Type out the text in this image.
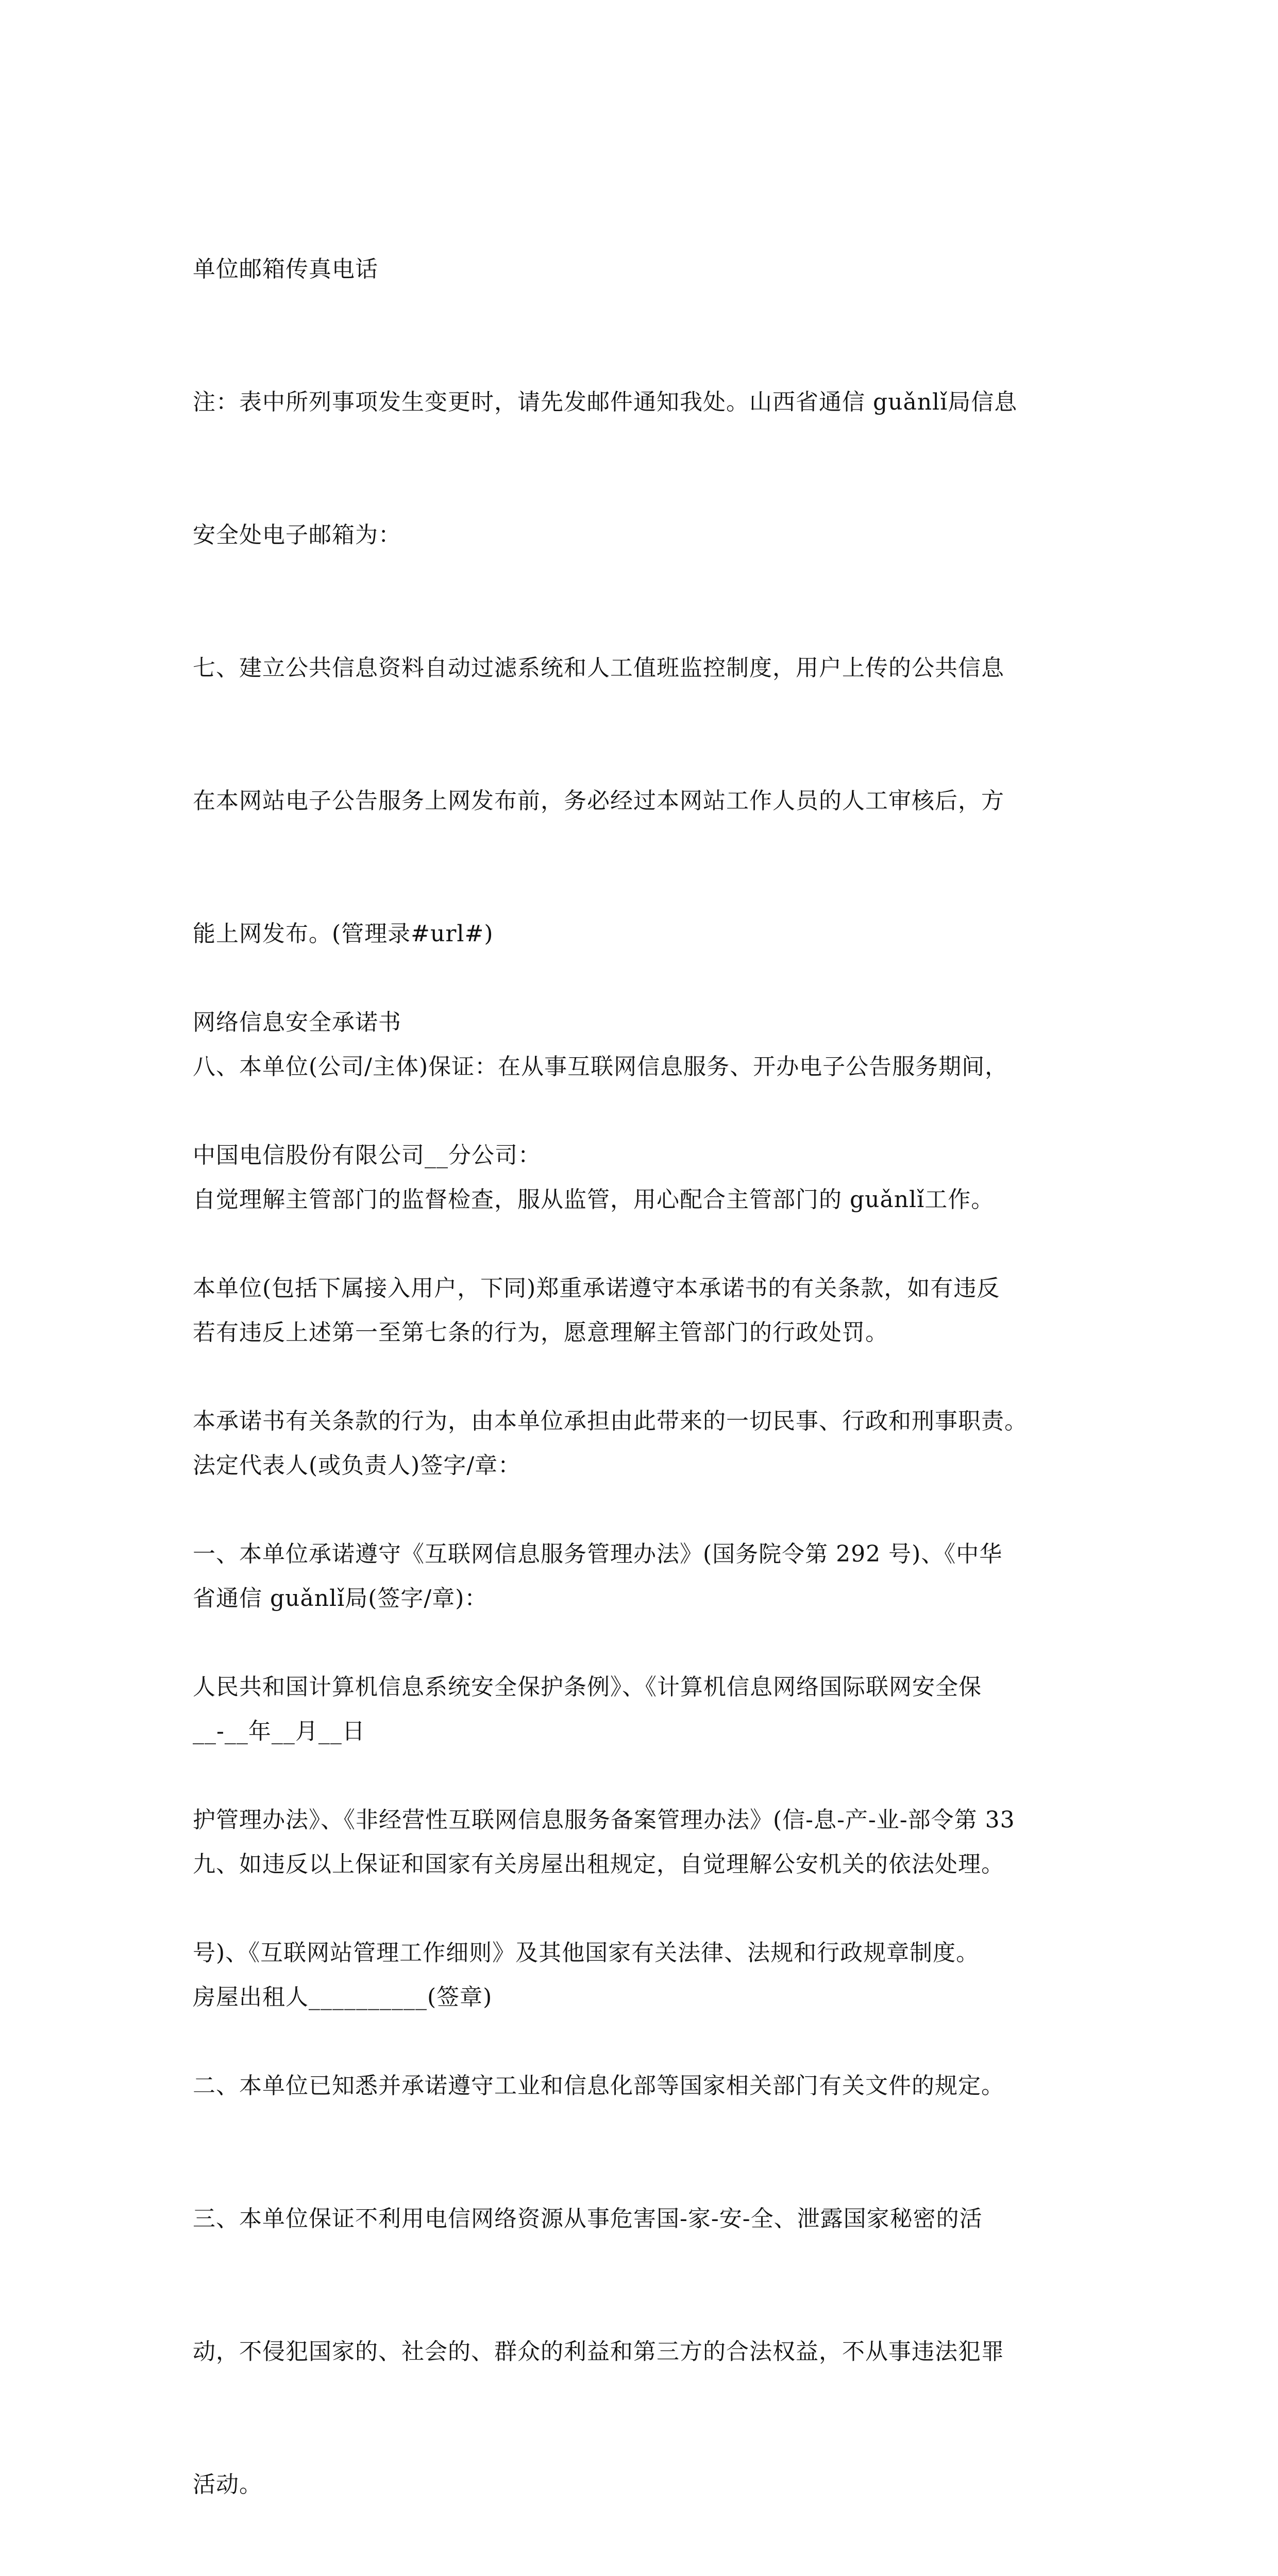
单位邮箱传真电话

注：表中所列事项发生变更时，请先发邮件通知我处。山西省通信 guǎnlǐ局信息

安全处电子邮箱为：

七、建立公共信息资料自动过滤系统和人工值班监控制度，用户上传的公共信息

在本网站电子公告服务上网发布前，务必经过本网站工作人员的人工审核后，方

能上网发布。(管理录#url#)

八、本单位(公司/主体)保证：在从事互联网信息服务、开办电子公告服务期间，

自觉理解主管部门的监督检查，服从监管，用心配合主管部门的 guǎnlǐ工作。

若有违反上述第一至第七条的行为，愿意理解主管部门的行政处罚。

法定代表人(或负责人)签字/章：

省通信 guǎnlǐ局(签字/章)：

__-__年__月__日

九、如违反以上保证和国家有关房屋出租规定，自觉理解公安机关的依法处理。

房屋出租人__________(签章)

网络信息安全承诺书

中国电信股份有限公司__分公司：

本单位(包括下属接入用户，下同)郑重承诺遵守本承诺书的有关条款，如有违反

本承诺书有关条款的行为，由本单位承担由此带来的一切民事、行政和刑事职责。

一、本单位承诺遵守《互联网信息服务管理办法》(国务院令第 292 号)、《中华

人民共和国计算机信息系统安全保护条例》、《计算机信息网络国际联网安全保

护管理办法》、《非经营性互联网信息服务备案管理办法》(信-息-产-业-部令第 33

号)、《互联网站管理工作细则》及其他国家有关法律、法规和行政规章制度。

二、本单位已知悉并承诺遵守工业和信息化部等国家相关部门有关文件的规定。

三、本单位保证不利用电信网络资源从事危害国-家-安-全、泄露国家秘密的活

动，不侵犯国家的、社会的、群众的利益和第三方的合法权益，不从事违法犯罪

活动。
